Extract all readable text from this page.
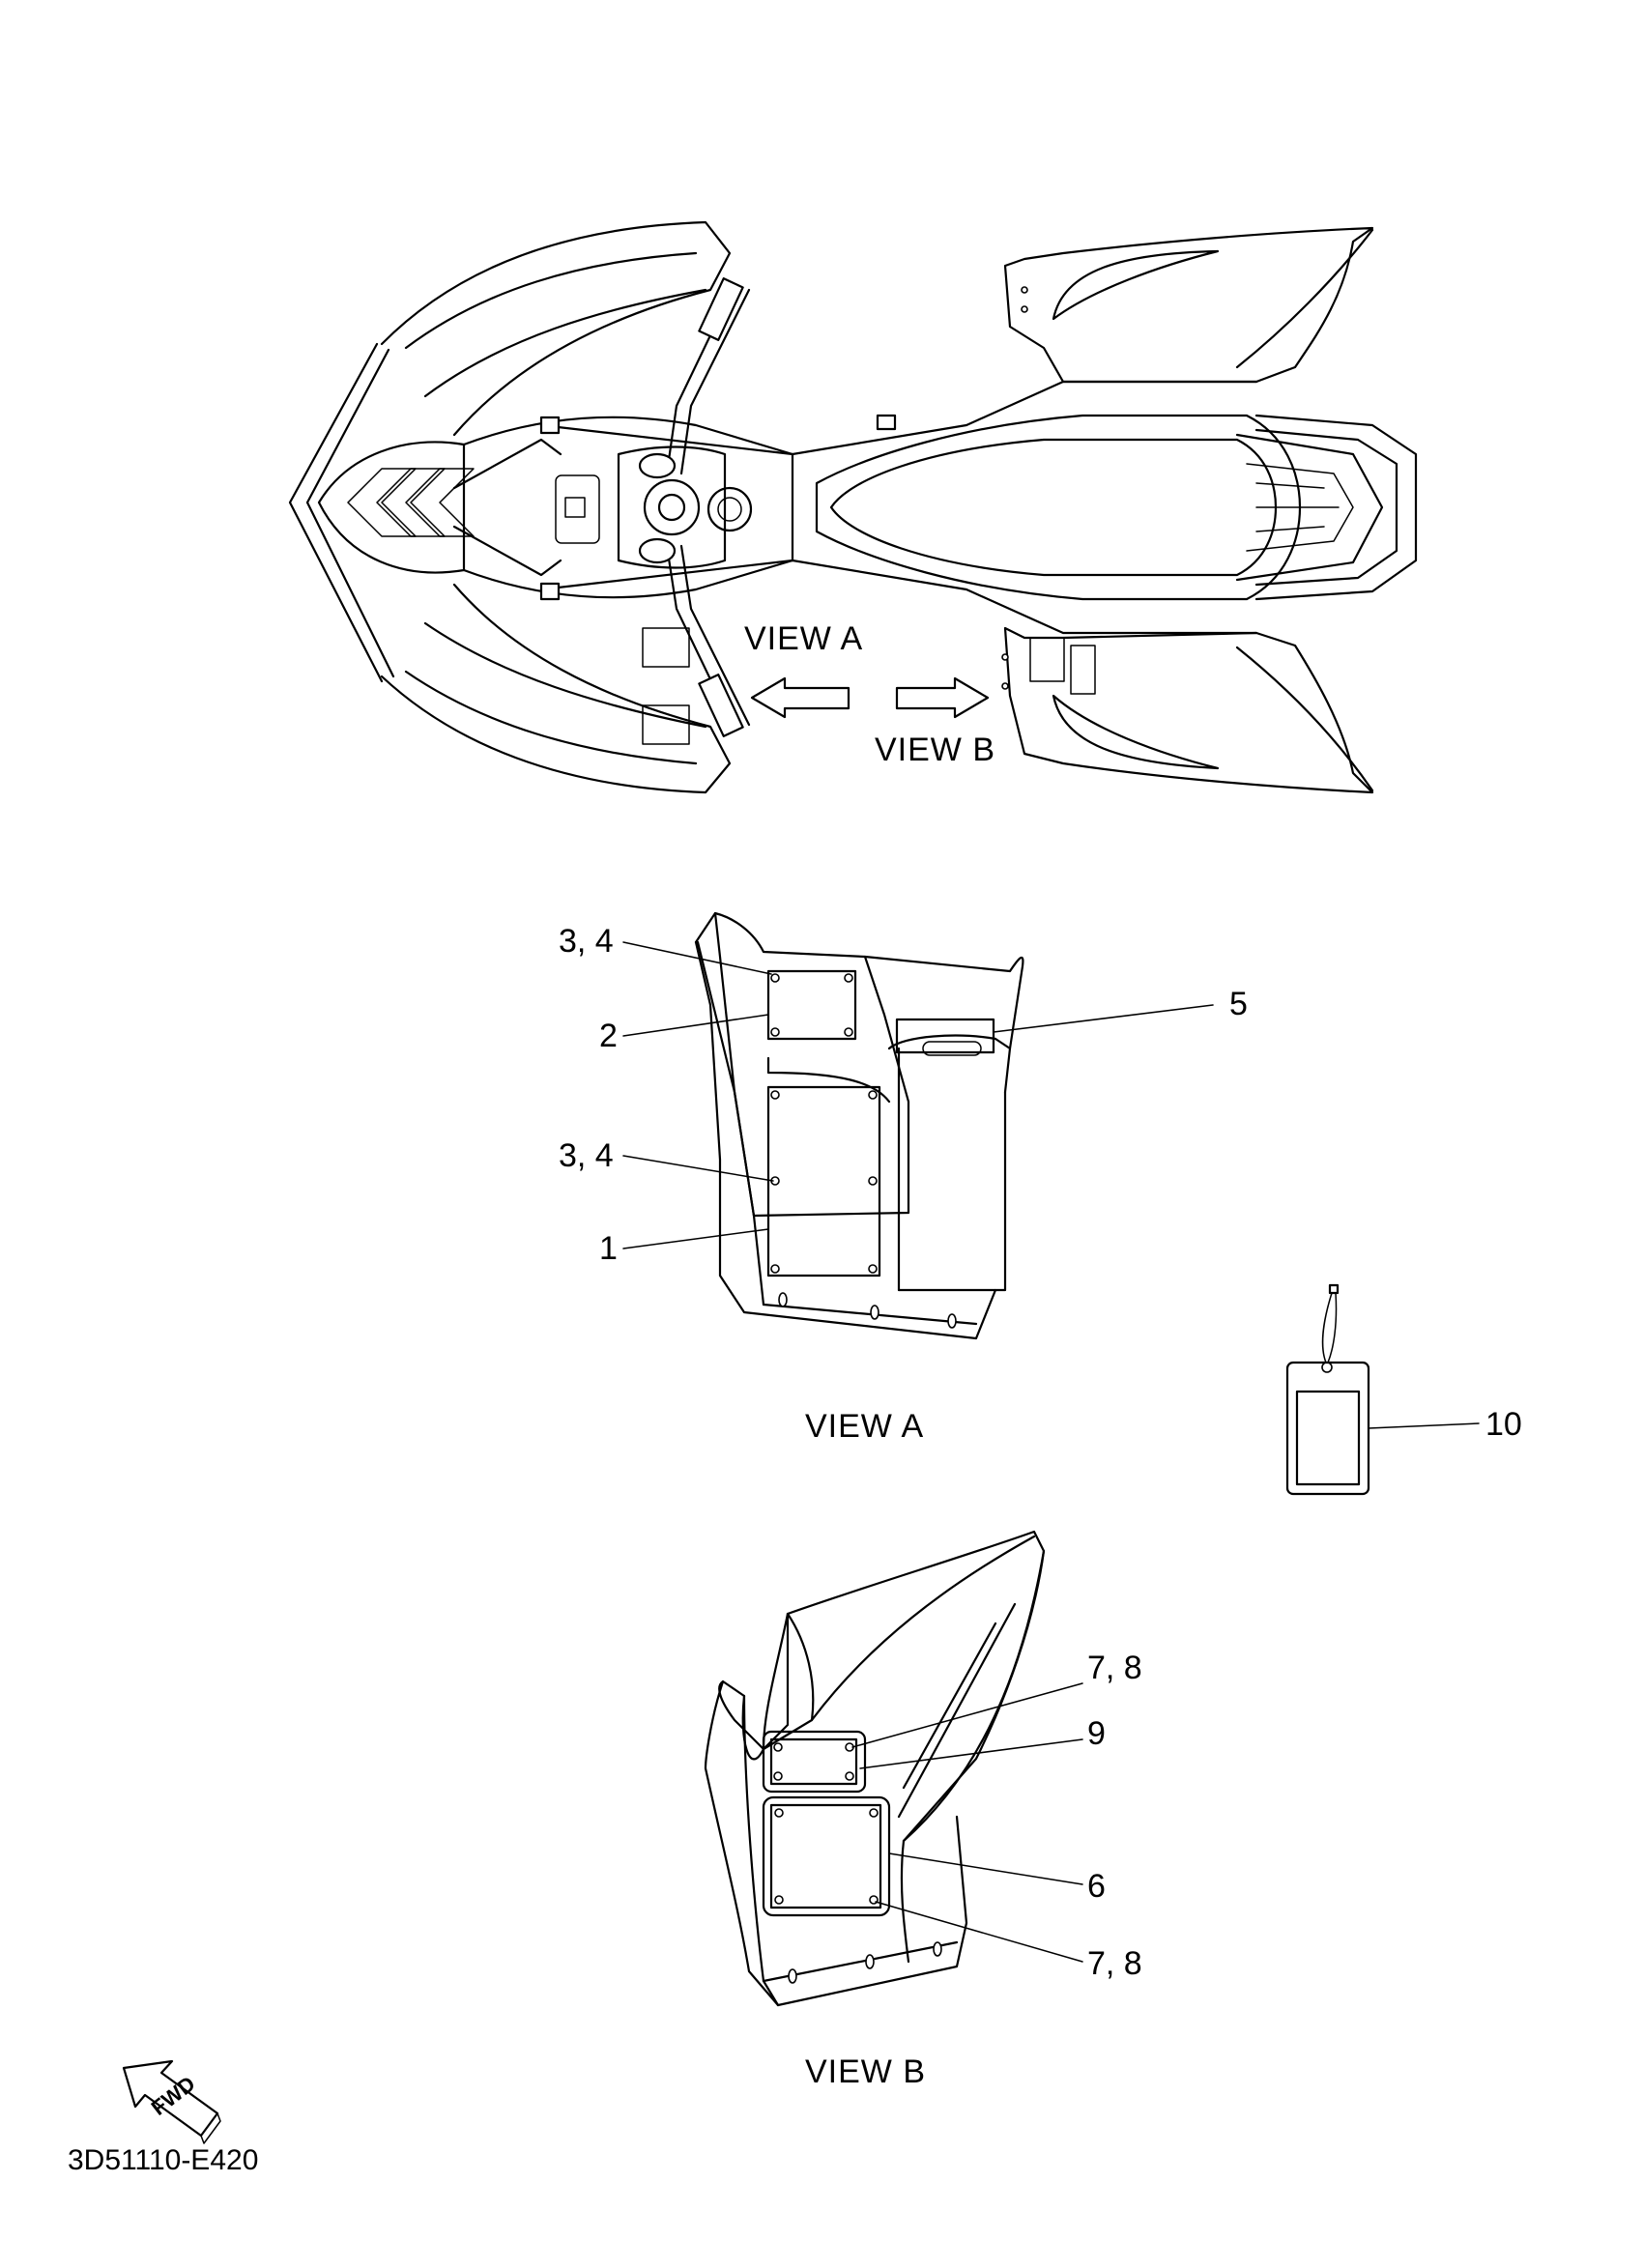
VIEW A
VIEW B
3, 4
2
5
3, 4
1
VIEW A	10
7, 8
9
6
7, 8
VIEW B
FWD
3D51110-E420
